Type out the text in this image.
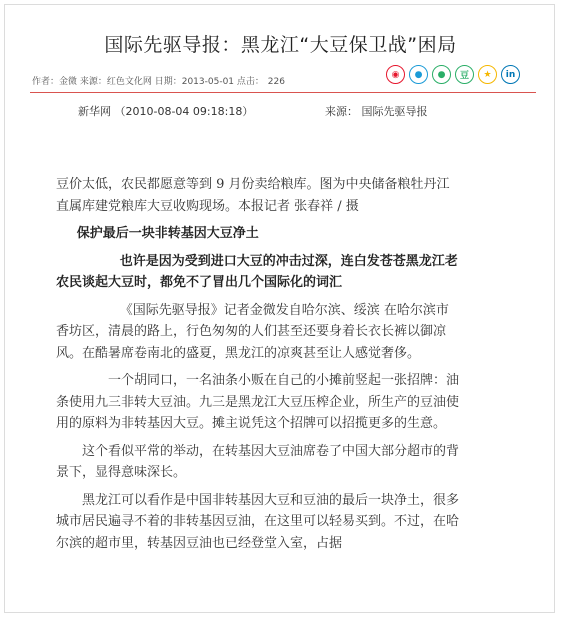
国际先驱导报：黑龙江“大豆保卫战”困局
作者：金微 来源：红色文化网 日期：2013-05-01 点击： 226
◉ ● ● 豆 ★ in
新华网 （2010-08-04 09:18:18）	来源： 国际先驱导报

豆价太低，农民都愿意等到 9 月份卖给粮库。图为中央储备粮牡丹江直属库建党粮库大豆收购现场。本报记者 张春祥 / 摄

保护最后一块非转基因大豆净土

也许是因为受到进口大豆的冲击过深，连白发苍苍黑龙江老农民谈起大豆时，都免不了冒出几个国际化的词汇

《国际先驱导报》记者金微发自哈尔滨、绥滨 在哈尔滨市香坊区，清晨的路上，行色匆匆的人们甚至还要身着长衣长裤以御凉风。在酷暑席卷南北的盛夏，黑龙江的凉爽甚至让人感觉奢侈。

一个胡同口，一名油条小贩在自己的小摊前竖起一张招牌：油条使用九三非转大豆油。九三是黑龙江大豆压榨企业，所生产的豆油使用的原料为非转基因大豆。摊主说凭这个招牌可以招揽更多的生意。

这个看似平常的举动，在转基因大豆油席卷了中国大部分超市的背景下，显得意味深长。

黑龙江可以看作是中国非转基因大豆和豆油的最后一块净土，很多城市居民遍寻不着的非转基因豆油，在这里可以轻易买到。不过，在哈尔滨的超市里，转基因豆油也已经登堂入室，占据
